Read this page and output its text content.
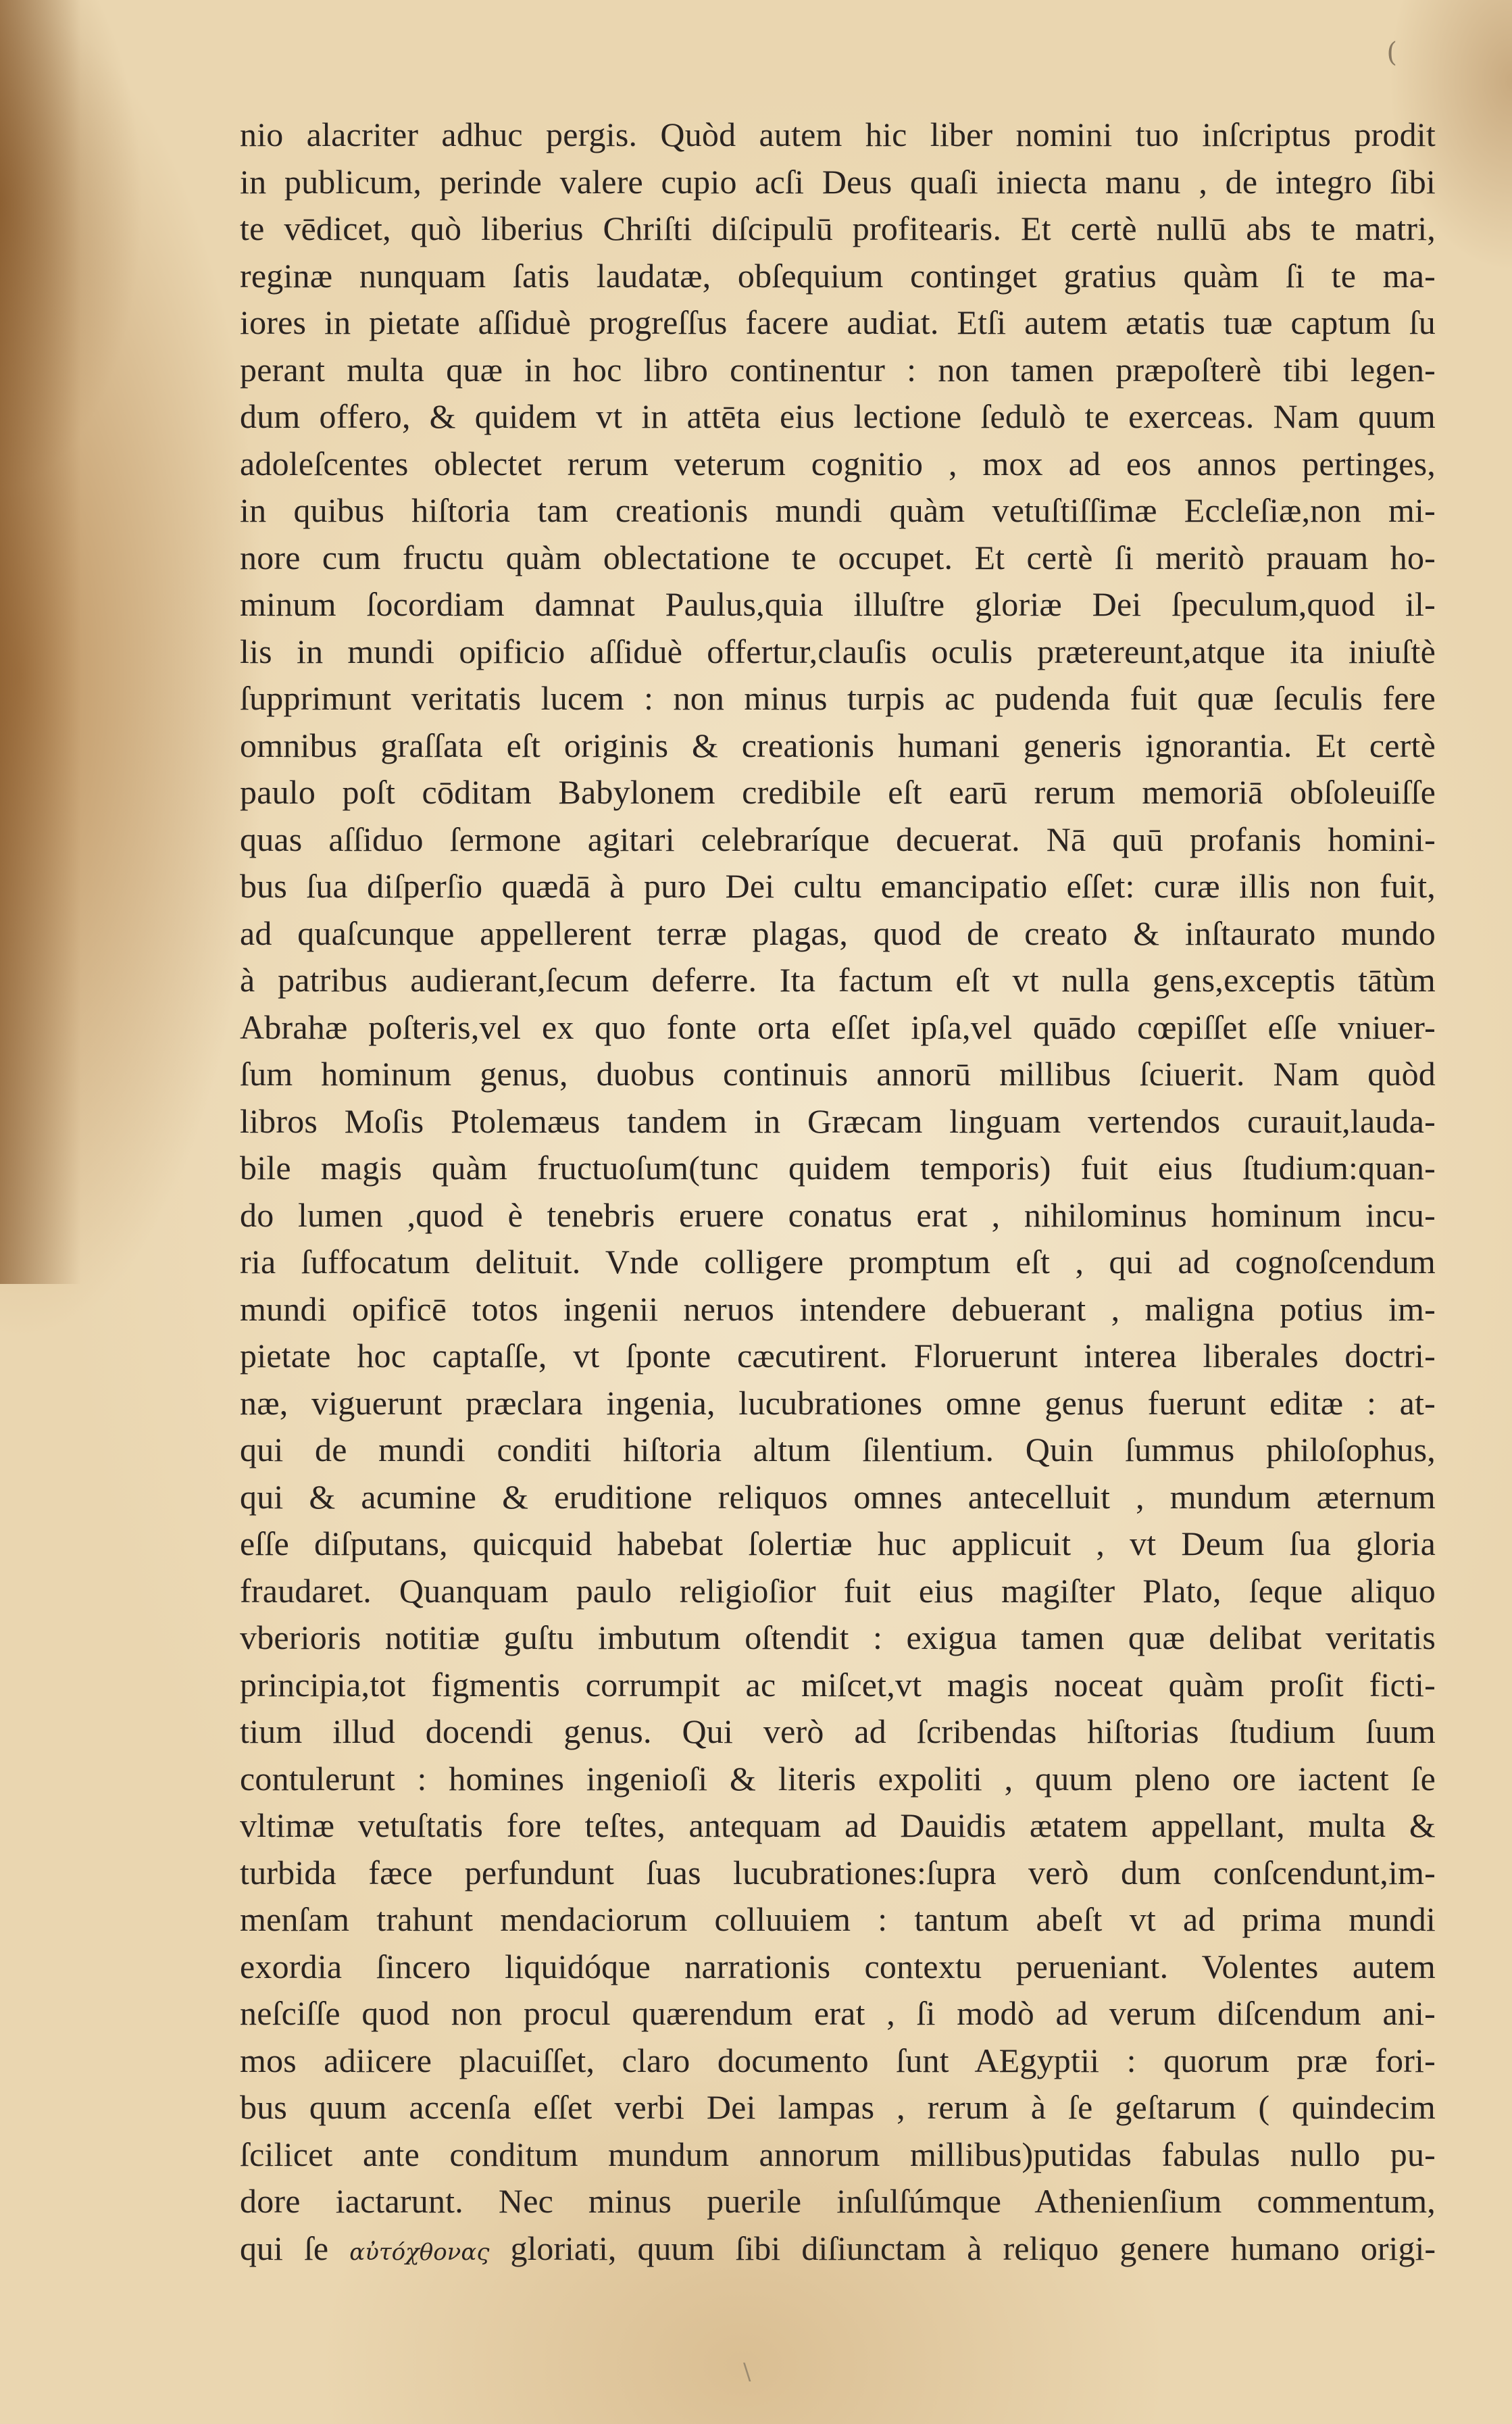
(
nio alacriter adhuc pergis. Quòd autem hic liber nomini tuo inſcriptus prodit
in publicum, perinde valere cupio acſi Deus quaſi iniecta manu , de integro ſibi
te vēdicet, quò liberius Chriſti diſcipulū profitearis. Et certè nullū abs te matri,
reginæ nunquam ſatis laudatæ, obſequium continget gratius quàm ſi te ma-
iores in pietate aſſiduè progreſſus facere audiat. Etſi autem ætatis tuæ captum ſu
perant multa quæ in hoc libro continentur : non tamen præpoſterè tibi legen-
dum offero, & quidem vt in attēta eius lectione ſedulò te exerceas. Nam quum
adoleſcentes oblectet rerum veterum cognitio , mox ad eos annos pertinges,
in quibus hiſtoria tam creationis mundi quàm vetuſtiſſimæ Eccleſiæ,non mi-
nore cum fructu quàm oblectatione te occupet. Et certè ſi meritò prauam ho-
minum ſocordiam damnat Paulus,quia illuſtre gloriæ Dei ſpeculum,quod il-
lis in mundi opificio aſſiduè offertur,clauſis oculis prætereunt,atque ita iniuſtè
ſupprimunt veritatis lucem : non minus turpis ac pudenda fuit quæ ſeculis fere
omnibus graſſata eſt originis & creationis humani generis ignorantia. Et certè
paulo poſt cōditam Babylonem credibile eſt earū rerum memoriā obſoleuiſſe
quas aſſiduo ſermone agitari celebraríque decuerat. Nā quū profanis homini-
bus ſua diſperſio quædā à puro Dei cultu emancipatio eſſet: curæ illis non fuit,
ad quaſcunque appellerent terræ plagas, quod de creato & inſtaurato mundo
à patribus audierant,ſecum deferre. Ita factum eſt vt nulla gens,exceptis tātùm
Abrahæ poſteris,vel ex quo fonte orta eſſet ipſa,vel quādo cœpiſſet eſſe vniuer-
ſum hominum genus, duobus continuis annorū millibus ſciuerit. Nam quòd
libros Moſis Ptolemæus tandem in Græcam linguam vertendos curauit,lauda-
bile magis quàm fructuoſum(tunc quidem temporis) fuit eius ſtudium:quan-
do lumen ,quod è tenebris eruere conatus erat , nihilominus hominum incu-
ria ſuffocatum delituit. Vnde colligere promptum eſt , qui ad cognoſcendum
mundi opificē totos ingenii neruos intendere debuerant , maligna potius im-
pietate hoc captaſſe, vt ſponte cæcutirent. Floruerunt interea liberales doctri-
næ, viguerunt præclara ingenia, lucubrationes omne genus fuerunt editæ : at-
qui de mundi conditi hiſtoria altum ſilentium. Quin ſummus philoſophus,
qui & acumine & eruditione reliquos omnes antecelluit , mundum æternum
eſſe diſputans, quicquid habebat ſolertiæ huc applicuit , vt Deum ſua gloria
fraudaret. Quanquam paulo religioſior fuit eius magiſter Plato, ſeque aliquo
vberioris notitiæ guſtu imbutum oſtendit : exigua tamen quæ delibat veritatis
principia,tot figmentis corrumpit ac miſcet,vt magis noceat quàm proſit ficti-
tium illud docendi genus. Qui verò ad ſcribendas hiſtorias ſtudium ſuum
contulerunt : homines ingenioſi & literis expoliti , quum pleno ore iactent ſe
vltimæ vetuſtatis fore teſtes, antequam ad Dauidis ætatem appellant, multa &
turbida fæce perfundunt ſuas lucubrationes:ſupra verò dum conſcendunt,im-
menſam trahunt mendaciorum colluuiem : tantum abeſt vt ad prima mundi
exordia ſincero liquidóque narrationis contextu perueniant. Volentes autem
neſciſſe quod non procul quærendum erat , ſi modò ad verum diſcendum ani-
mos adiicere placuiſſet, claro documento ſunt AEgyptii : quorum præ fori-
bus quum accenſa eſſet verbi Dei lampas , rerum à ſe geſtarum ( quindecim
ſcilicet ante conditum mundum annorum millibus)putidas fabulas nullo pu-
dore iactarunt. Nec minus puerile inſulſúmque Athenienſium commentum,
qui ſe αὐτόχθονας gloriati, quum ſibi diſiunctam à reliquo genere humano origi-
\
